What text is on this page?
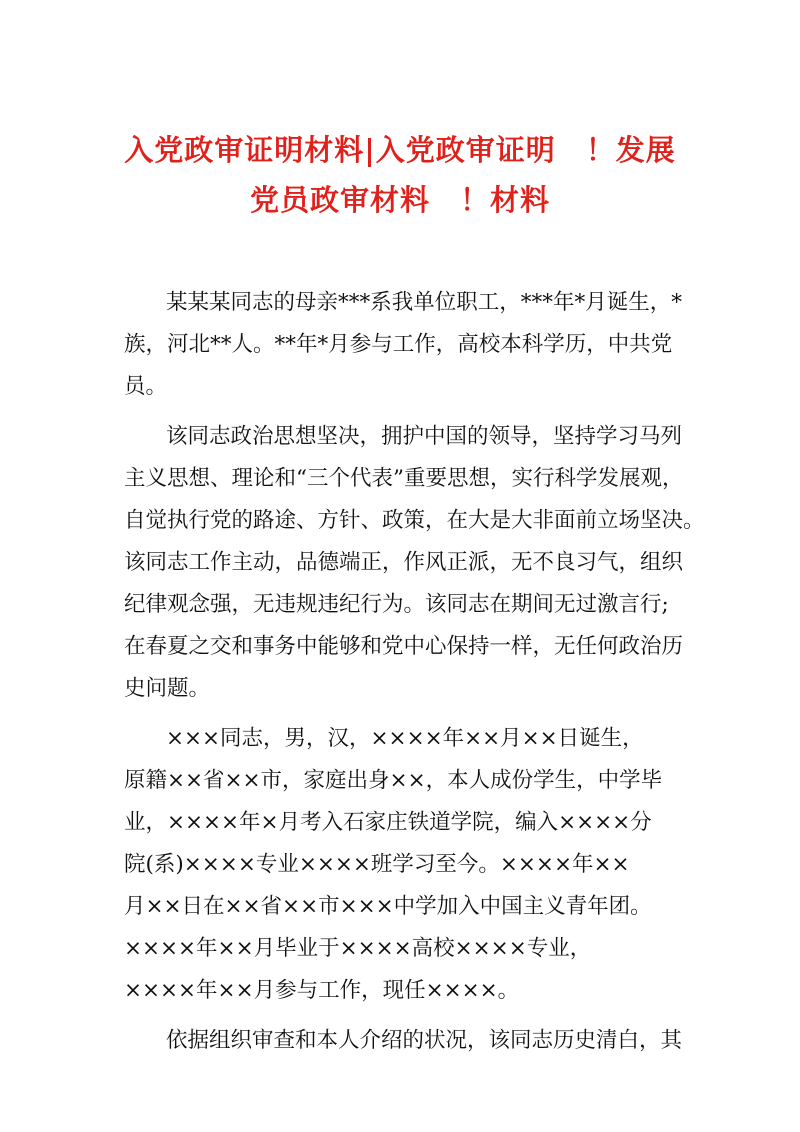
入党政审证明材料|入党政审证明　！发展
党员政审材料　！材料
某某某同志的母亲***系我单位职工，***年*月诞生，*
族，河北**人。**年*月参与工作，高校本科学历，中共党
员。
该同志政治思想坚决，拥护中国的领导，坚持学习马列
主义思想、理论和“三个代表”重要思想，实行科学发展观，
自觉执行党的路途、方针、政策，在大是大非面前立场坚决。
该同志工作主动，品德端正，作风正派，无不良习气，组织
纪律观念强，无违规违纪行为。该同志在期间无过激言行;
在春夏之交和事务中能够和党中心保持一样，无任何政治历
史问题。
×××同志，男，汉，××××年××月××日诞生，
原籍××省××市，家庭出身××，本人成份学生，中学毕
业，××××年×月考入石家庄铁道学院，编入××××分
院(系)××××专业××××班学习至今。××××年××
月××日在××省××市×××中学加入中国主义青年团。
××××年××月毕业于××××高校××××专业，
××××年××月参与工作，现任××××。
依据组织审查和本人介绍的状况，该同志历史清白，其
